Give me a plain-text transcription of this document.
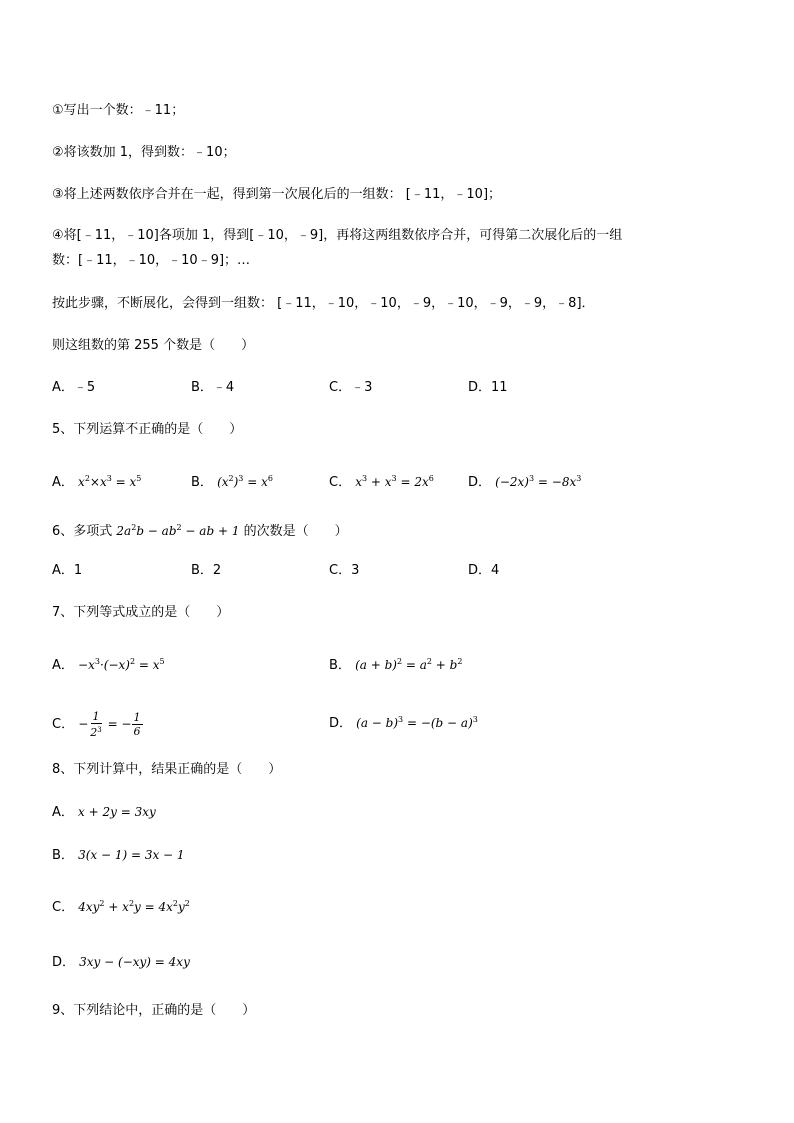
①写出一个数：﹣11；
②将该数加 1，得到数：﹣10；
③将上述两数依序合并在一起，得到第一次展化后的一组数： [﹣11，﹣10]；
④将[﹣11，﹣10]各项加 1，得到[﹣10，﹣9]，再将这两组数依序合并，可得第二次展化后的一组
数：[﹣11，﹣10，﹣10﹣9]；…
按此步骤，不断展化，会得到一组数： [﹣11，﹣10，﹣10，﹣9，﹣10，﹣9，﹣9，﹣8]．
则这组数的第 255 个数是（　　）
A．﹣5	B．﹣4	C．﹣3	D．11
5、下列运算不正确的是（　　）
A． $x^2\times x^3 = x^5$	B． $(x^2)^3 = x^6$	C． $x^3 + x^3 = 2x^6$	D． $(-2x)^3 = -8x^3$
6、多项式 $2a^2b - ab^2$ − ab + 1 的次数是（　　）
A．1	B．2	C．3	D．4
7、下列等式成立的是（　　）
A． $-x^3\cdot(-x)^2 = x^5$	B． $(a + b)^2 = a^2 + b^2$
C． − $\frac{1}{2^3}$ = − $\frac{1}{6}$	D． $(a - b)^3 = -(b - a)^3$
8、下列计算中，结果正确的是（　　）
A． x + 2y = 3xy
B． 3(x − 1) = 3x − 1
C． $4xy^2 + x^2y = 4x^2y^2$
D． 3xy − (−xy) = 4xy
9、下列结论中，正确的是（　　）
